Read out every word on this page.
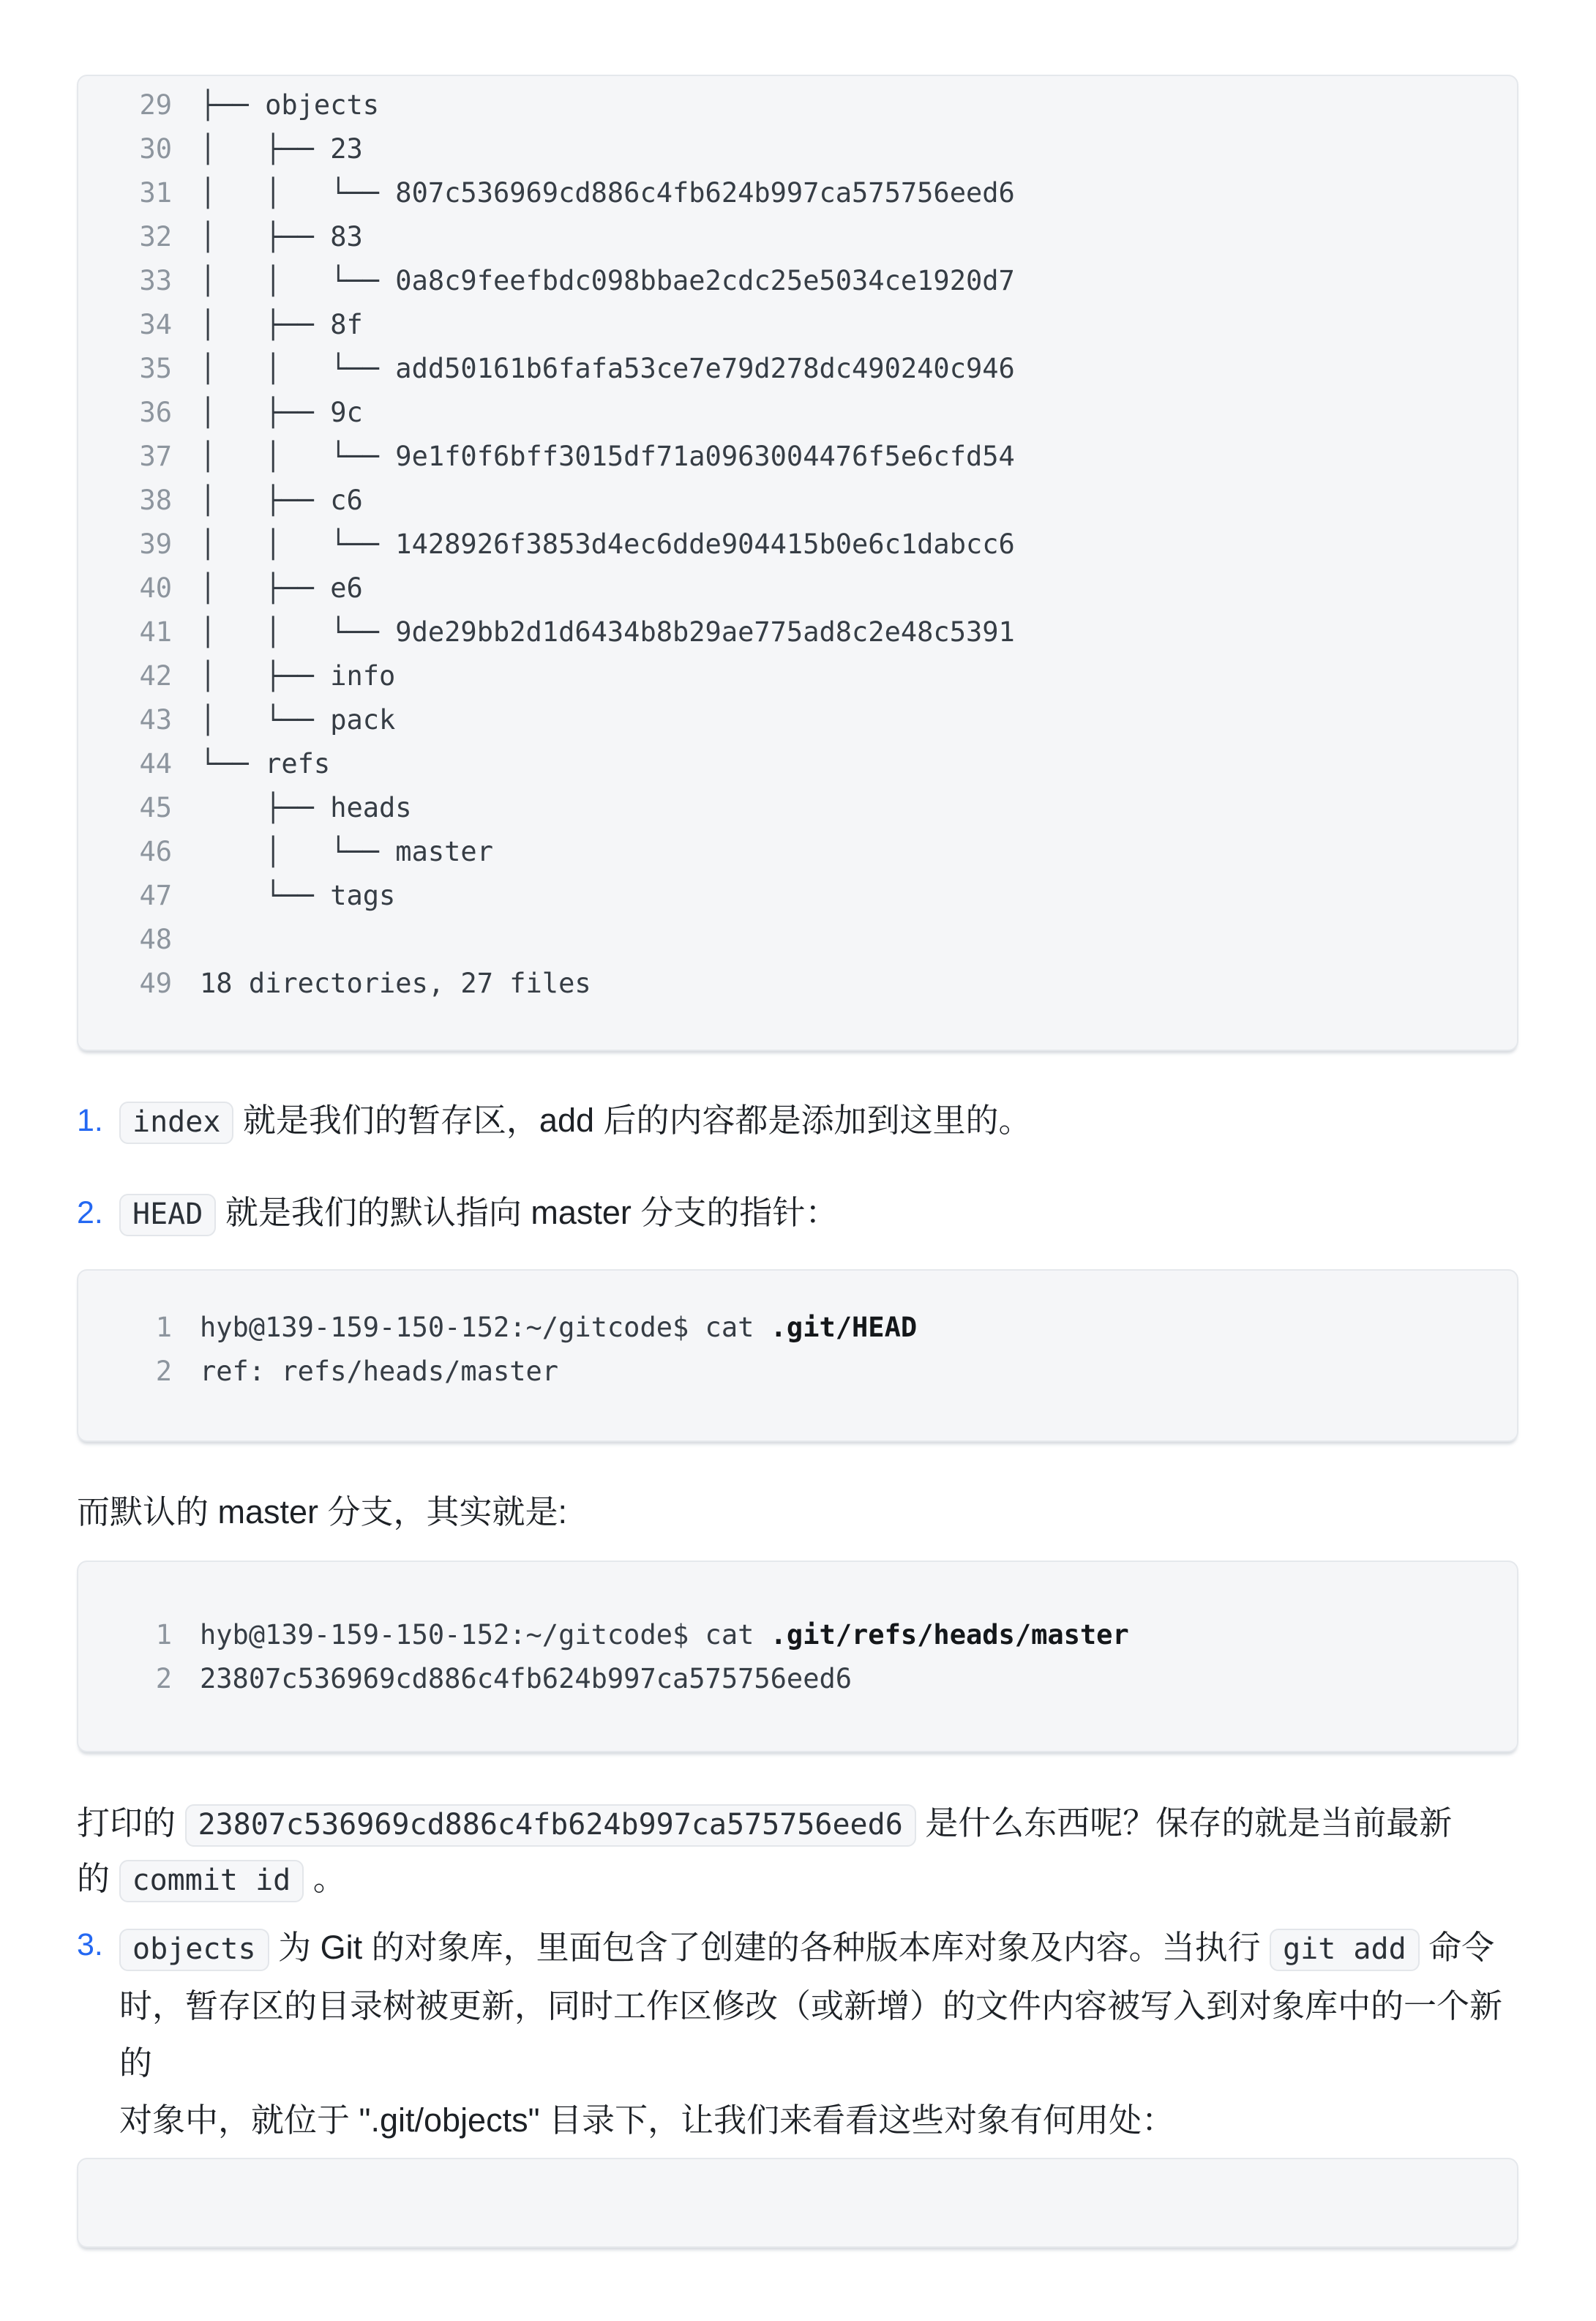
29 ├── objects
30 │   ├── 23
31 │   │   └── 807c536969cd886c4fb624b997ca575756eed6
32 │   ├── 83
33 │   │   └── 0a8c9feefbdc098bbae2cdc25e5034ce1920d7
34 │   ├── 8f
35 │   │   └── add50161b6fafa53ce7e79d278dc490240c946
36 │   ├── 9c
37 │   │   └── 9e1f0f6bff3015df71a0963004476f5e6cfd54
38 │   ├── c6
39 │   │   └── 1428926f3853d4ec6dde904415b0e6c1dabcc6
40 │   ├── e6
41 │   │   └── 9de29bb2d1d6434b8b29ae775ad8c2e48c5391
42 │   ├── info
43 │   └── pack
44 └── refs
45 ├── heads
46 │   └── master
47 └── tags
48
49 18 directories, 27 files
1.	index 就是我们的暂存区，add 后的内容都是添加到这里的。
2.	HEAD 就是我们的默认指向 master 分支的指针：
1 hyb@139-159-150-152:~/gitcode$ cat .git/HEAD
2 ref: refs/heads/master

而默认的 master 分支，其实就是:

1 hyb@139-159-150-152:~/gitcode$ cat .git/refs/heads/master
2 23807c536969cd886c4fb624b997ca575756eed6

打印的 23807c536969cd886c4fb624b997ca575756eed6 是什么东西呢？保存的就是当前最新
的 commit id 。

3.	objects 为 Git 的对象库，里面包含了创建的各种版本库对象及内容。当执行 git add 命令
时，暂存区的目录树被更新，同时工作区修改（或新增）的文件内容被写入到对象库中的一个新的
对象中，就位于 ".git/objects" 目录下，让我们来看看这些对象有何用处：
